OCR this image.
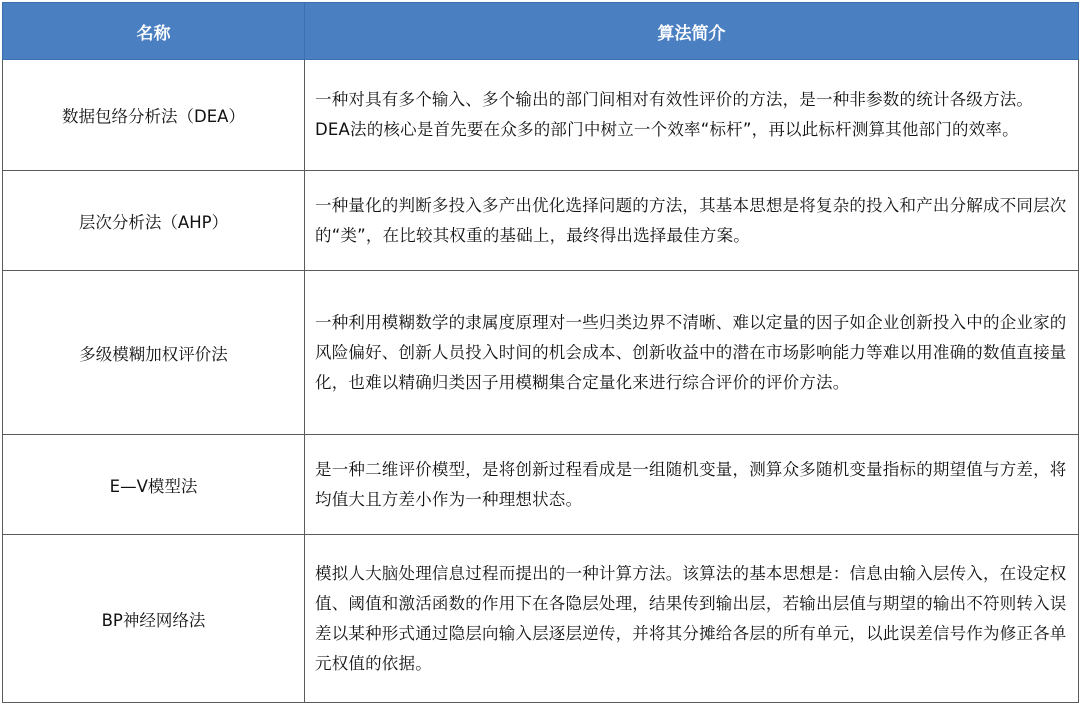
名称	算法简介
数据包络分析法（DEA）	一种对具有多个输入、多个输出的部门间相对有效性评价的方法，是一种非参数的统计各级方法。DEA法的核心是首先要在众多的部门中树立一个效率“标杆”，再以此标杆测算其他部门的效率。
层次分析法（AHP）	一种量化的判断多投入多产出优化选择问题的方法，其基本思想是将复杂的投入和产出分解成不同层次的“类”，在比较其权重的基础上，最终得出选择最佳方案。
多级模糊加权评价法	一种利用模糊数学的隶属度原理对一些归类边界不清晰、难以定量的因子如企业创新投入中的企业家的风险偏好、创新人员投入时间的机会成本、创新收益中的潜在市场影响能力等难以用准确的数值直接量化，也难以精确归类因子用模糊集合定量化来进行综合评价的评价方法。
E—V模型法	是一种二维评价模型，是将创新过程看成是一组随机变量，测算众多随机变量指标的期望值与方差，将均值大且方差小作为一种理想状态。
BP神经网络法	模拟人大脑处理信息过程而提出的一种计算方法。该算法的基本思想是：信息由输入层传入，在设定权值、阈值和激活函数的作用下在各隐层处理，结果传到输出层，若输出层值与期望的输出不符则转入误差以某种形式通过隐层向输入层逐层逆传，并将其分摊给各层的所有单元，以此误差信号作为修正各单元权值的依据。
